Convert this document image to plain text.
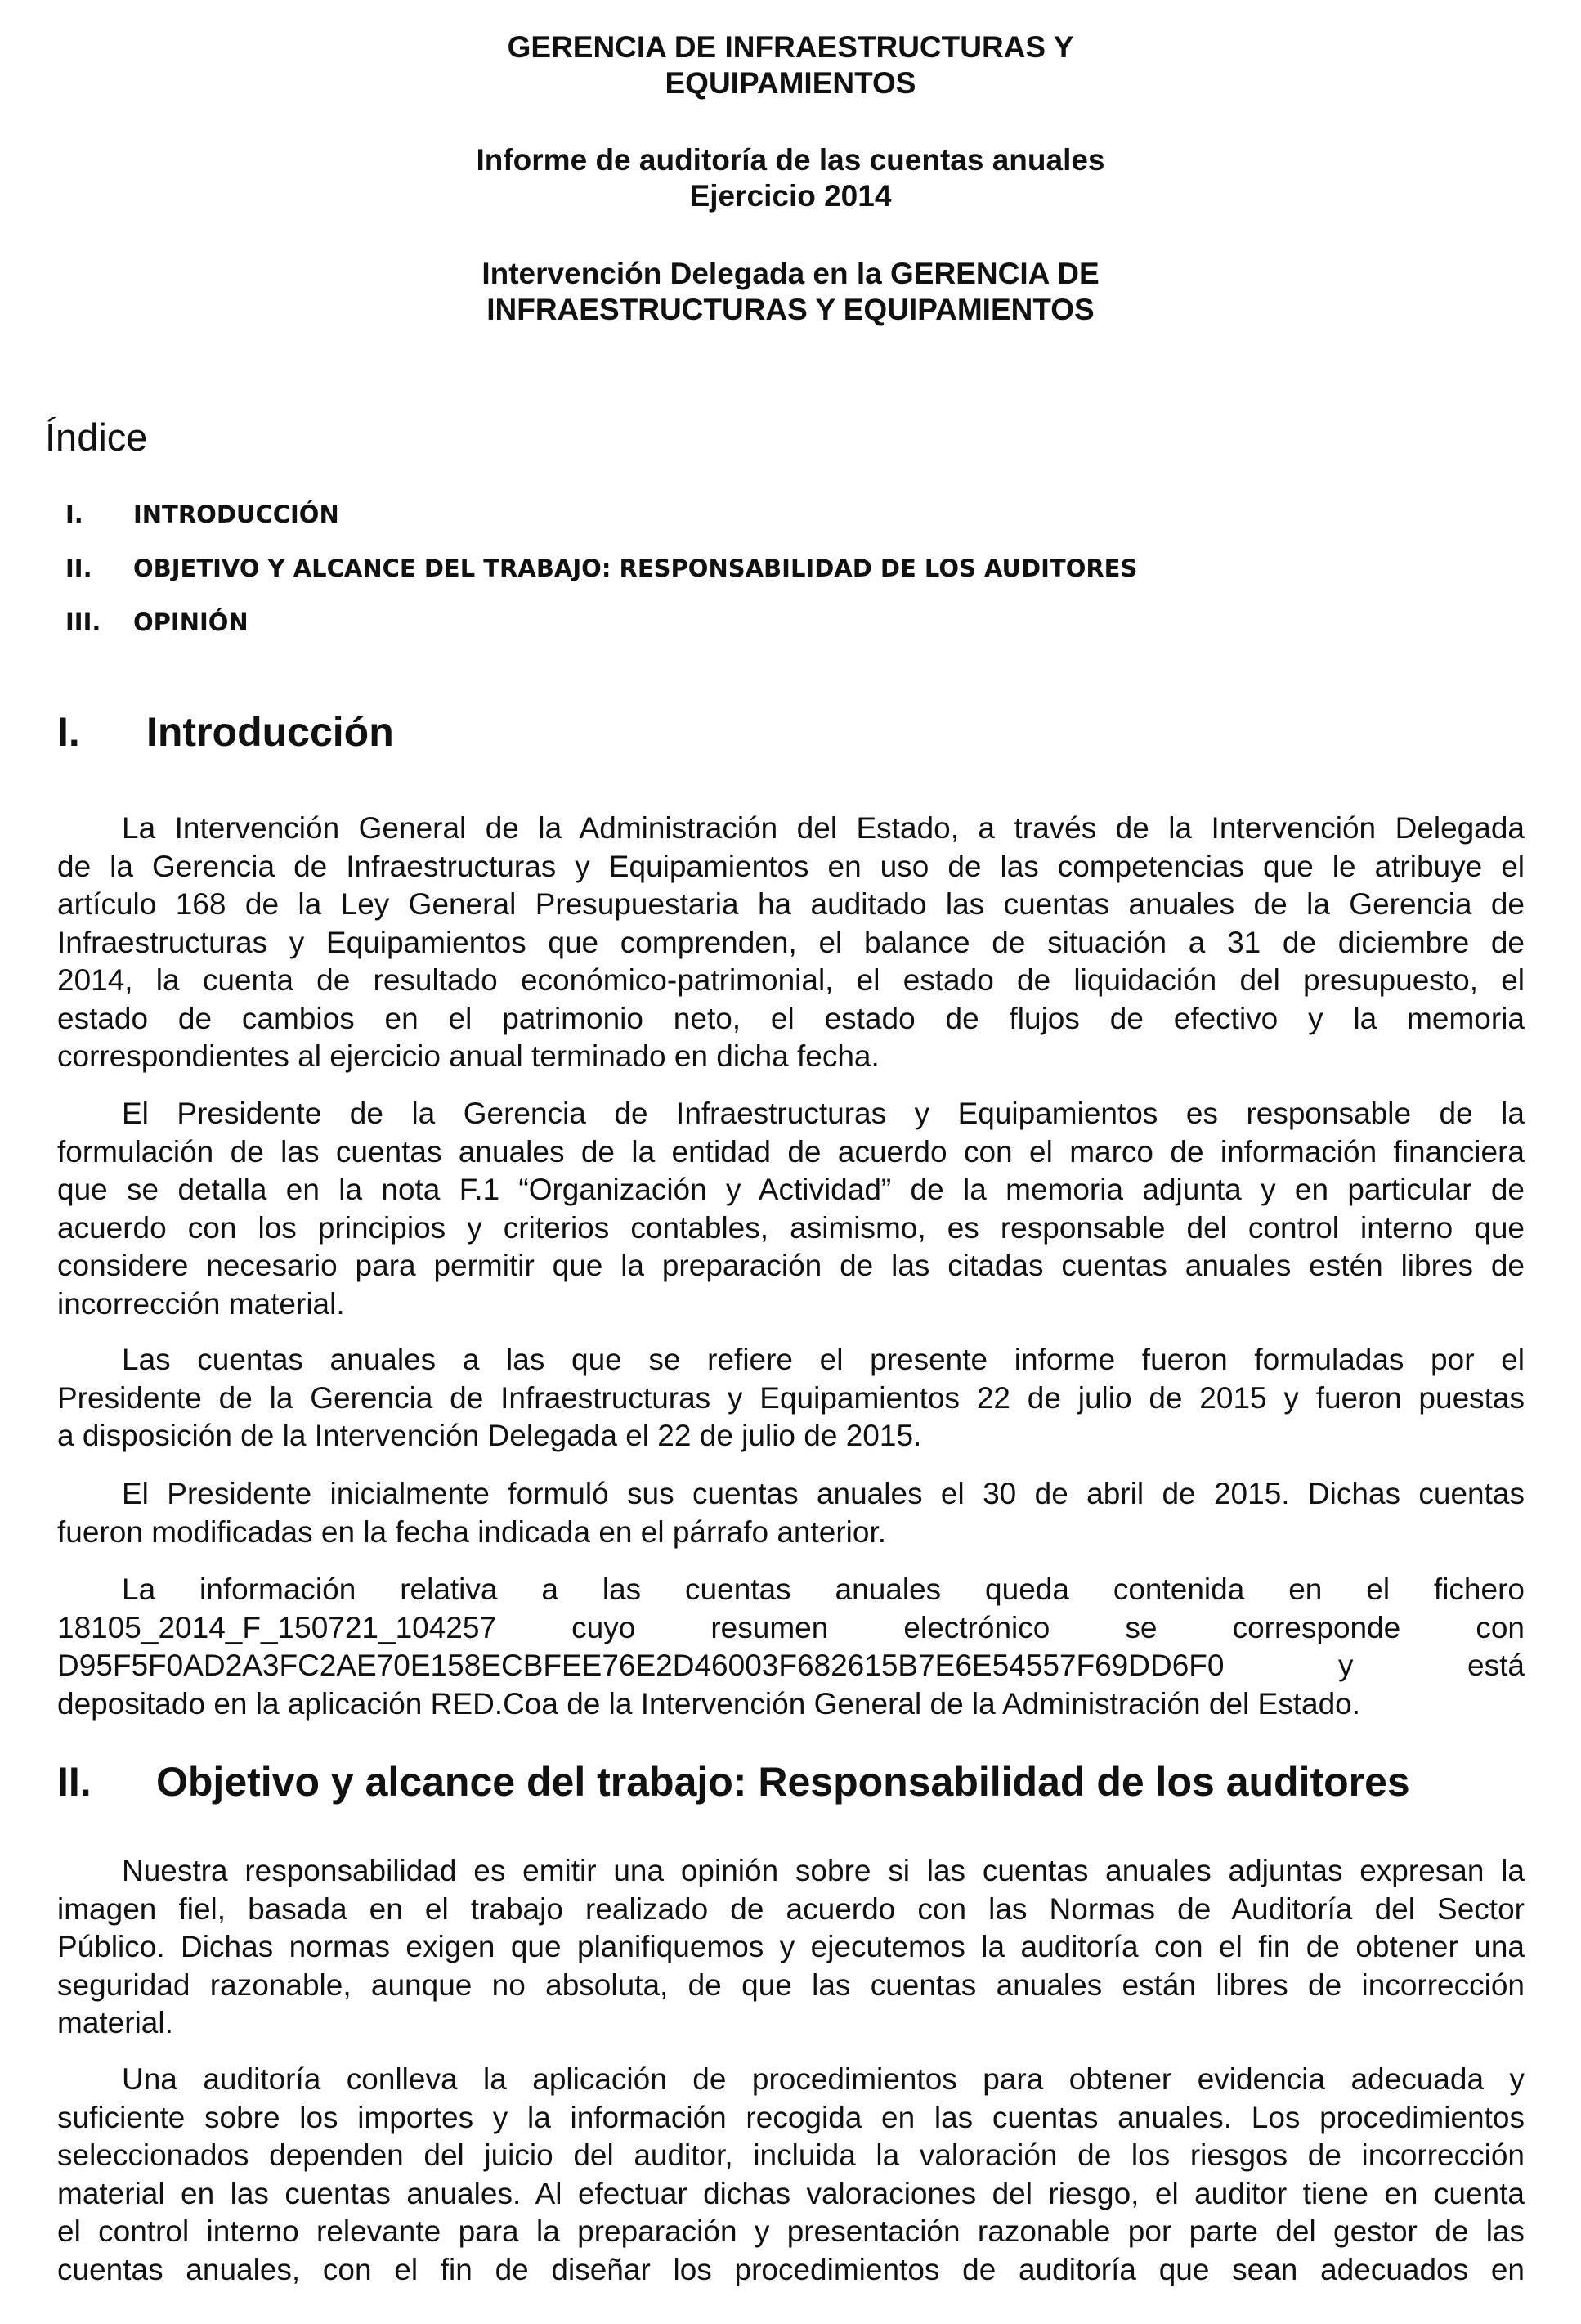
GERENCIA DE INFRAESTRUCTURAS Y
EQUIPAMIENTOS
Informe de auditoría de las cuentas anuales
Ejercicio 2014
Intervención Delegada en la GERENCIA DE
INFRAESTRUCTURAS Y EQUIPAMIENTOS
Índice
I.	INTRODUCCIÓN
II.	OBJETIVO Y ALCANCE DEL TRABAJO: RESPONSABILIDAD DE LOS AUDITORES
III.	OPINIÓN
I. Introducción
La Intervención General de la Administración del Estado, a través de la Intervención Delegada
de la Gerencia de Infraestructuras y Equipamientos en uso de las competencias que le atribuye el
artículo 168 de la Ley General Presupuestaria ha auditado las cuentas anuales de la Gerencia de
Infraestructuras y Equipamientos que comprenden, el balance de situación a 31 de diciembre de
2014, la cuenta de resultado económico-patrimonial, el estado de liquidación del presupuesto, el
estado de cambios en el patrimonio neto, el estado de flujos de efectivo y la memoria
correspondientes al ejercicio anual terminado en dicha fecha.
El Presidente de la Gerencia de Infraestructuras y Equipamientos es responsable de la
formulación de las cuentas anuales de la entidad de acuerdo con el marco de información financiera
que se detalla en la nota F.1 “Organización y Actividad” de la memoria adjunta y en particular de
acuerdo con los principios y criterios contables, asimismo, es responsable del control interno que
considere necesario para permitir que la preparación de las citadas cuentas anuales estén libres de
incorrección material.
Las cuentas anuales a las que se refiere el presente informe fueron formuladas por el
Presidente de la Gerencia de Infraestructuras y Equipamientos 22 de julio de 2015 y fueron puestas
a disposición de la Intervención Delegada el 22 de julio de 2015.
El Presidente inicialmente formuló sus cuentas anuales el 30 de abril de 2015. Dichas cuentas
fueron modificadas en la fecha indicada en el párrafo anterior.
La información relativa a las cuentas anuales queda contenida en el fichero
18105_2014_F_150721_104257 cuyo resumen electrónico se corresponde con
D95F5F0AD2A3FC2AE70E158ECBFEE76E2D46003F682615B7E6E54557F69DD6F0 y está
depositado en la aplicación RED.Coa de la Intervención General de la Administración del Estado.
II. Objetivo y alcance del trabajo: Responsabilidad de los auditores
Nuestra responsabilidad es emitir una opinión sobre si las cuentas anuales adjuntas expresan la
imagen fiel, basada en el trabajo realizado de acuerdo con las Normas de Auditoría del Sector
Público. Dichas normas exigen que planifiquemos y ejecutemos la auditoría con el fin de obtener una
seguridad razonable, aunque no absoluta, de que las cuentas anuales están libres de incorrección
material.
Una auditoría conlleva la aplicación de procedimientos para obtener evidencia adecuada y
suficiente sobre los importes y la información recogida en las cuentas anuales. Los procedimientos
seleccionados dependen del juicio del auditor, incluida la valoración de los riesgos de incorrección
material en las cuentas anuales. Al efectuar dichas valoraciones del riesgo, el auditor tiene en cuenta
el control interno relevante para la preparación y presentación razonable por parte del gestor de las
cuentas anuales, con el fin de diseñar los procedimientos de auditoría que sean adecuados en
